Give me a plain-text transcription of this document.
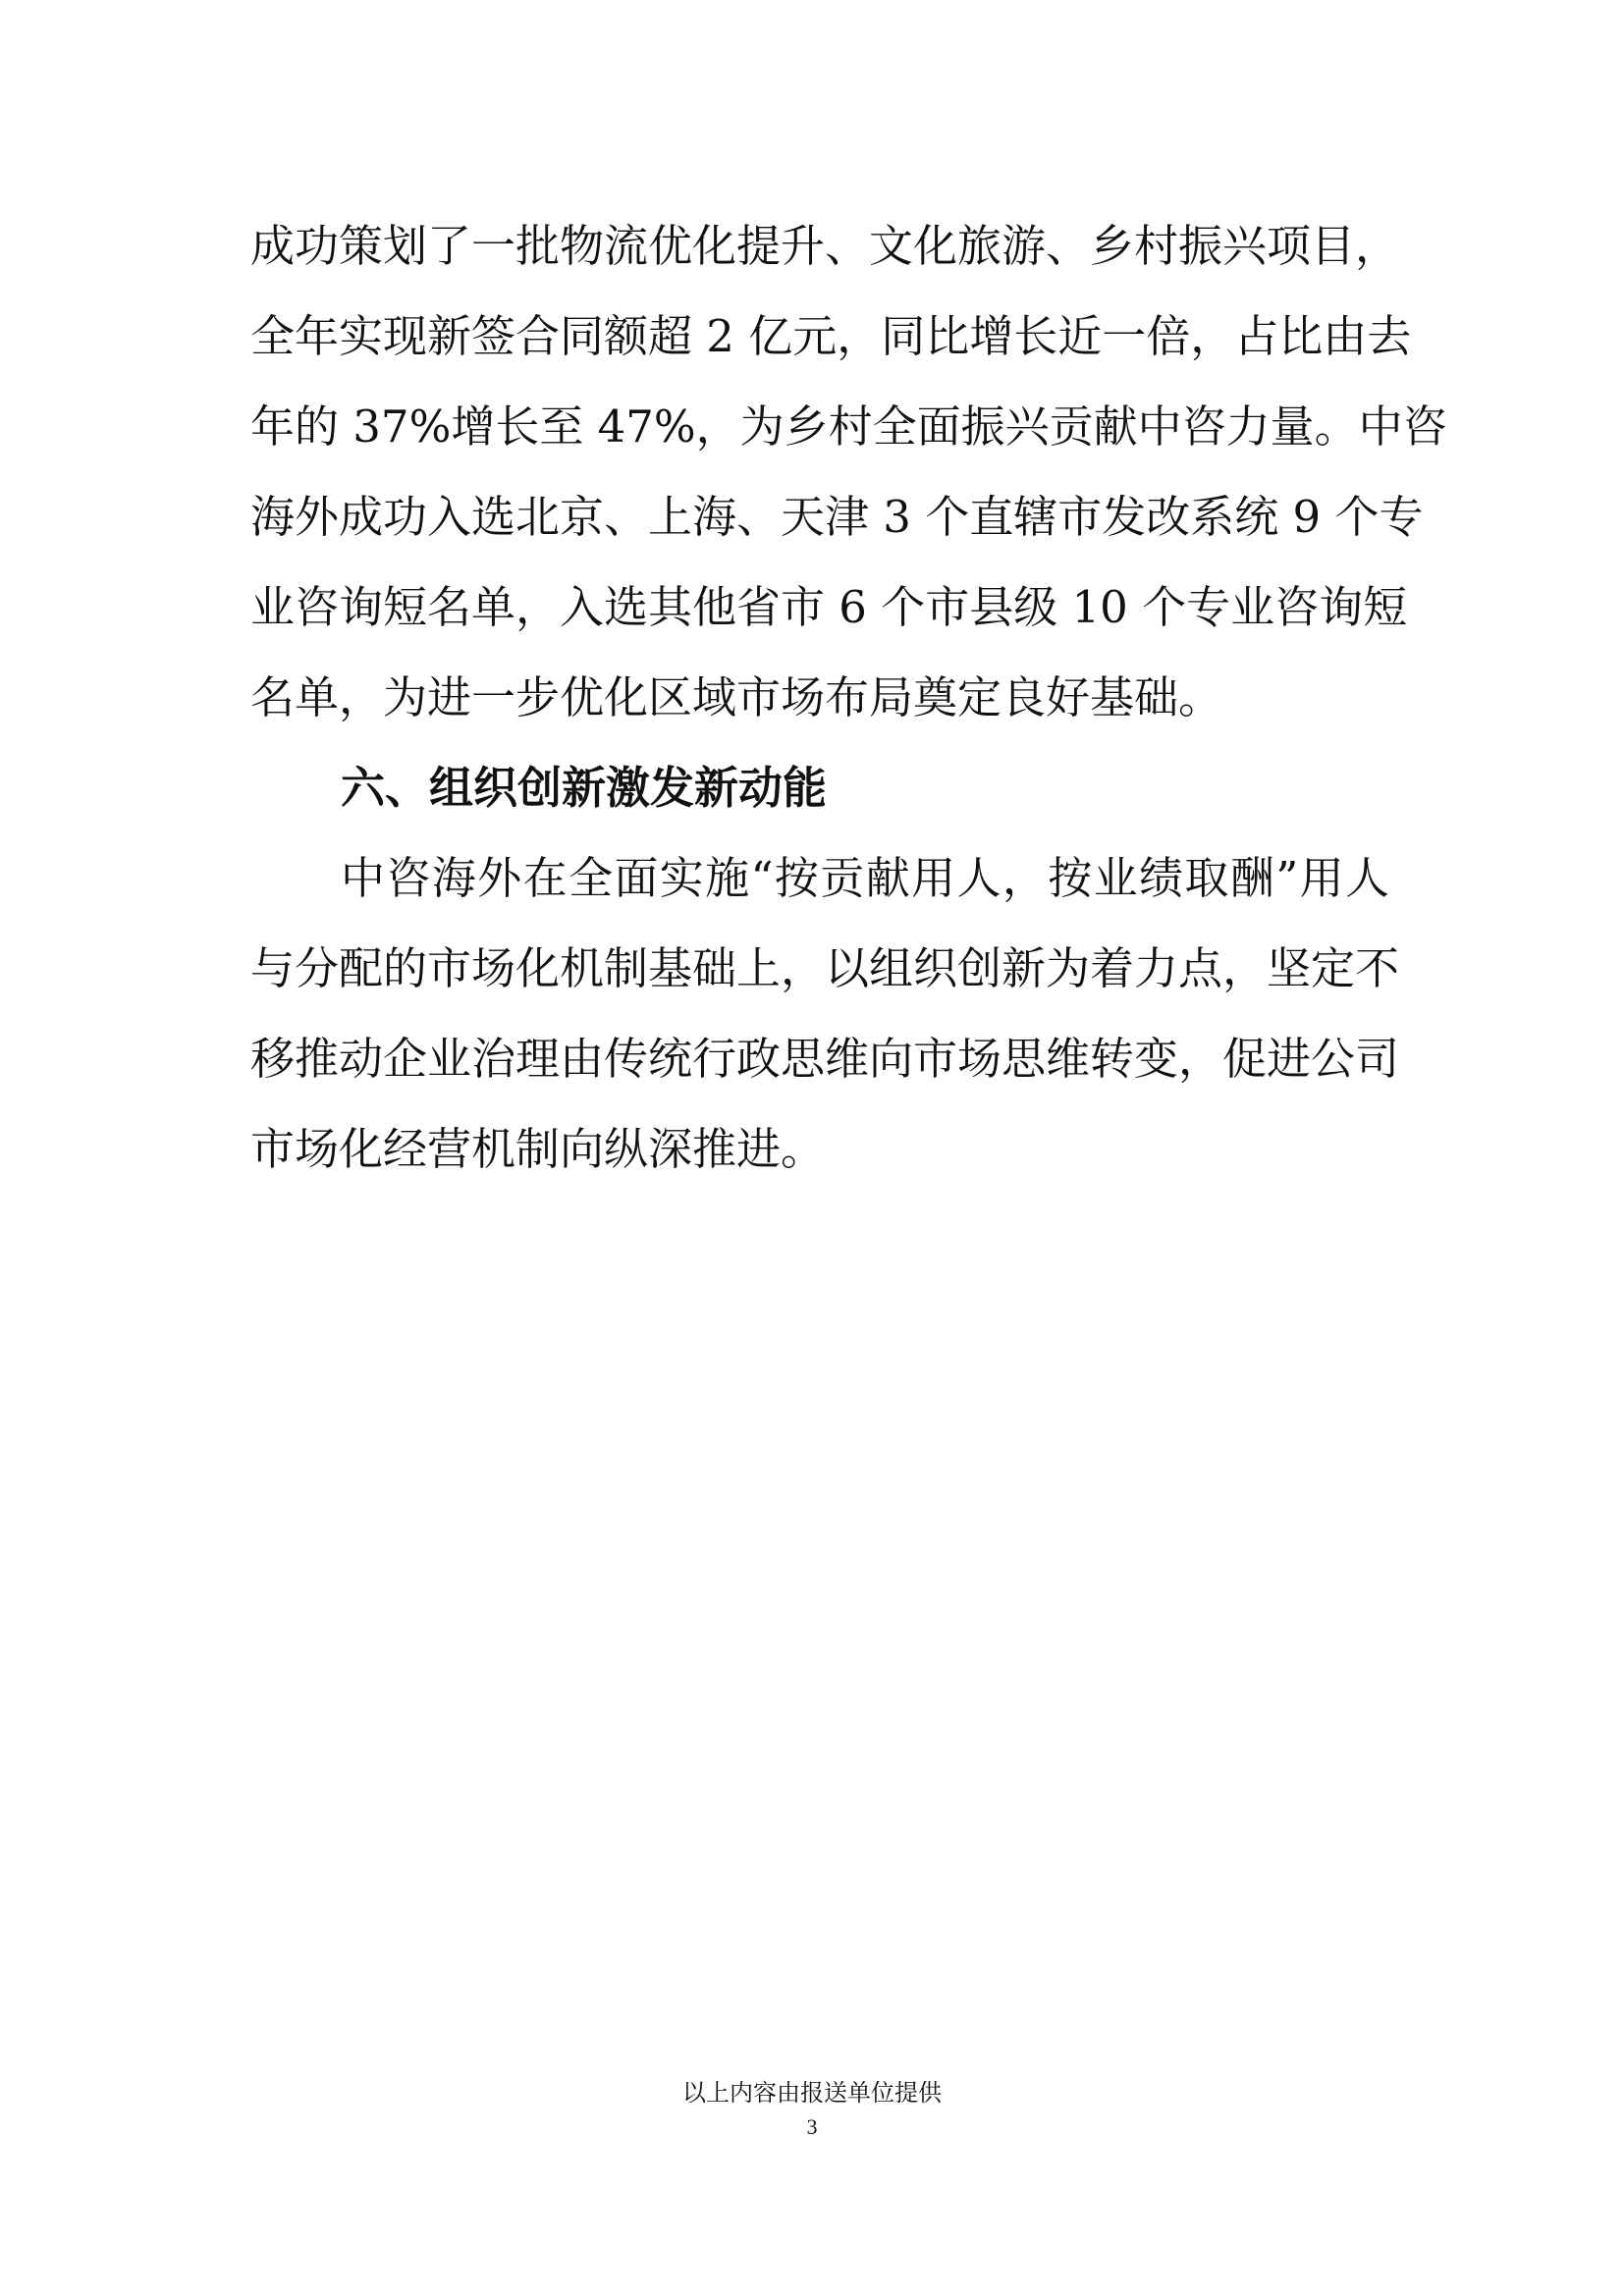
成功策划了一批物流优化提升、文化旅游、乡村振兴项目，
全年实现新签合同额超 2 亿元，同比增长近一倍，占比由去
年的 37%增长至 47%，为乡村全面振兴贡献中咨力量。中咨
海外成功入选北京、上海、天津 3 个直辖市发改系统 9 个专
业咨询短名单，入选其他省市 6 个市县级 10 个专业咨询短
名单，为进一步优化区域市场布局奠定良好基础。
六、组织创新激发新动能
中咨海外在全面实施“按贡献用人，按业绩取酬”用人
与分配的市场化机制基础上，以组织创新为着力点，坚定不
移推动企业治理由传统行政思维向市场思维转变，促进公司
市场化经营机制向纵深推进。
以上内容由报送单位提供
3
